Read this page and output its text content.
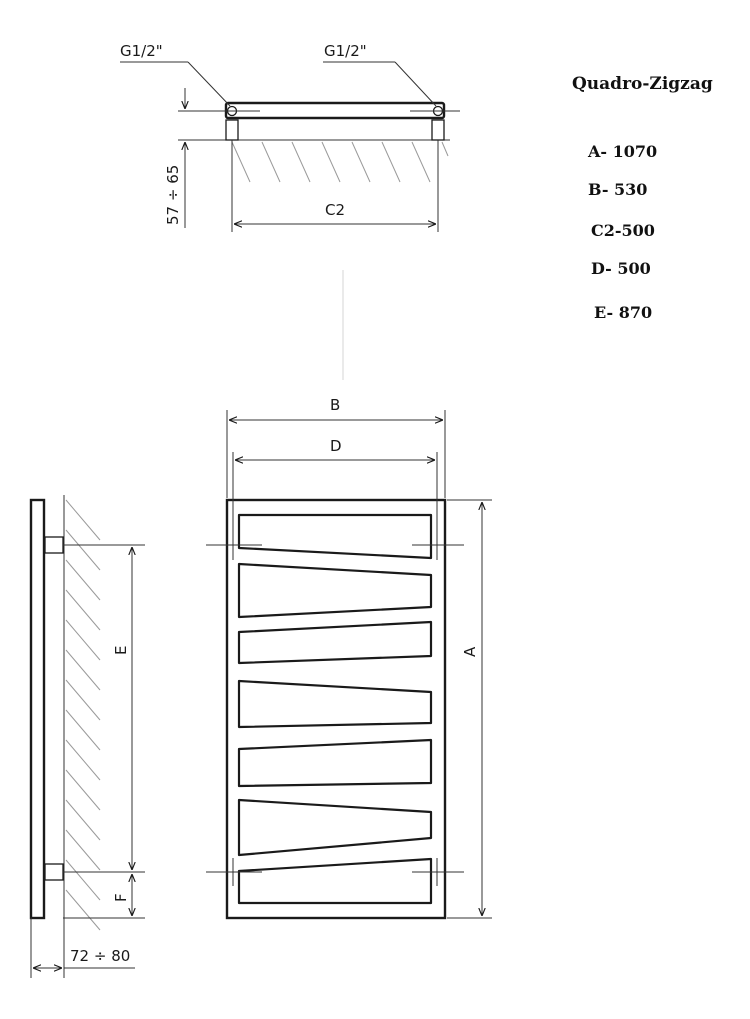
G1/2"	G1/2"
57 ÷ 65	C2
Quadro-Zigzag
A- 1070
B- 530
C2-500
D- 500
E- 870
E
F
72 ÷ 80
B
D
A
